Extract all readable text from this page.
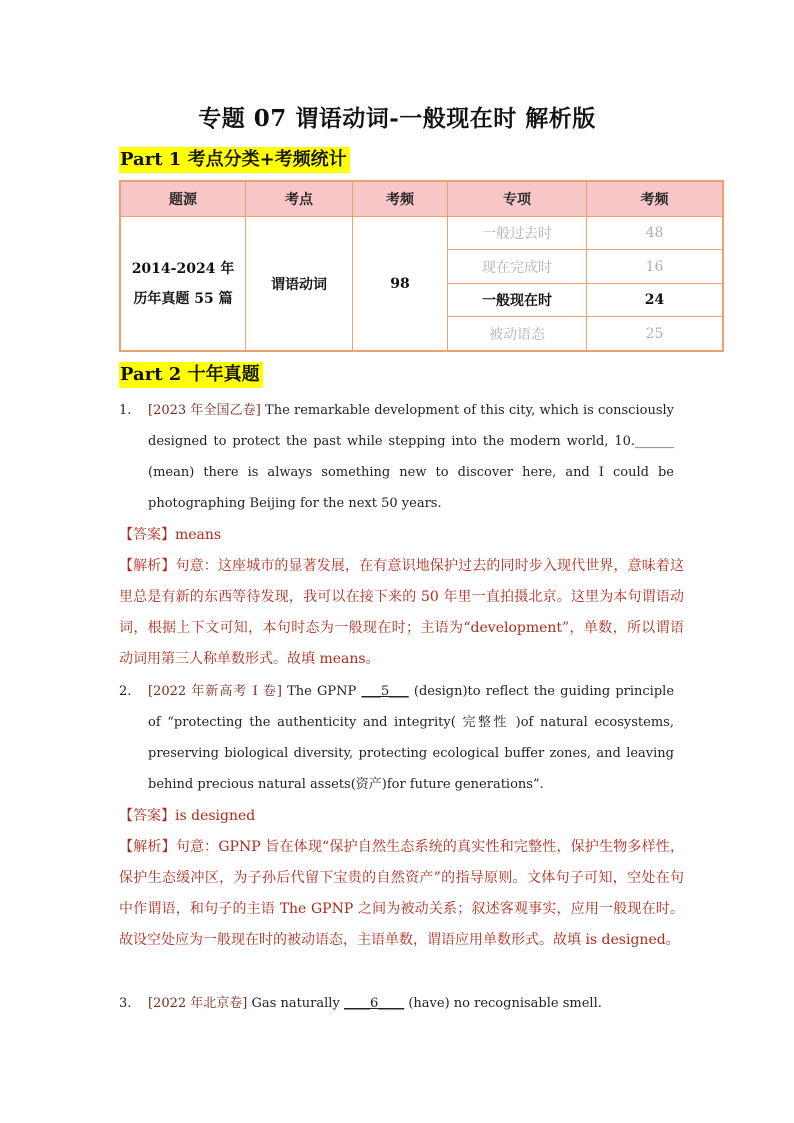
专题 07 谓语动词-一般现在时 解析版
Part 1 考点分类+考频统计
题源	考点	考频	专项	考频
2014-2024 年历年真题 55 篇	谓语动词	98	一般过去时	48
			现在完成时	16
			一般现在时	24
			被动语态	25
Part 2 十年真题
1. [2023 年全国乙卷] The remarkable development of this city, which is consciously designed to protect the past while stepping into the modern world, 10.______ (mean) there is always something new to discover here, and I could be photographing Beijing for the next 50 years.
【答案】means
【解析】句意：这座城市的显著发展，在有意识地保护过去的同时步入现代世界，意味着这里总是有新的东西等待发现，我可以在接下来的 50 年里一直拍摄北京。这里为本句谓语动词，根据上下文可知，本句时态为一般现在时；主语为“development”，单数，所以谓语动词用第三人称单数形式。故填 means。
2. [2022 年新高考 I 卷] The GPNP ___5___ (design)to reflect the guiding principle of “protecting the authenticity and integrity( 完整性 )of natural ecosystems, preserving biological diversity, protecting ecological buffer zones, and leaving behind precious natural assets(资产)for future generations”.
【答案】is designed
【解析】句意：GPNP 旨在体现“保护自然生态系统的真实性和完整性，保护生物多样性，保护生态缓冲区，为子孙后代留下宝贵的自然资产”的指导原则。文体句子可知，空处在句中作谓语，和句子的主语 The GPNP 之间为被动关系；叙述客观事实，应用一般现在时。故设空处应为一般现在时的被动语态，主语单数，谓语应用单数形式。故填 is designed。
3. [2022 年北京卷] Gas naturally ____6____ (have) no recognisable smell.
